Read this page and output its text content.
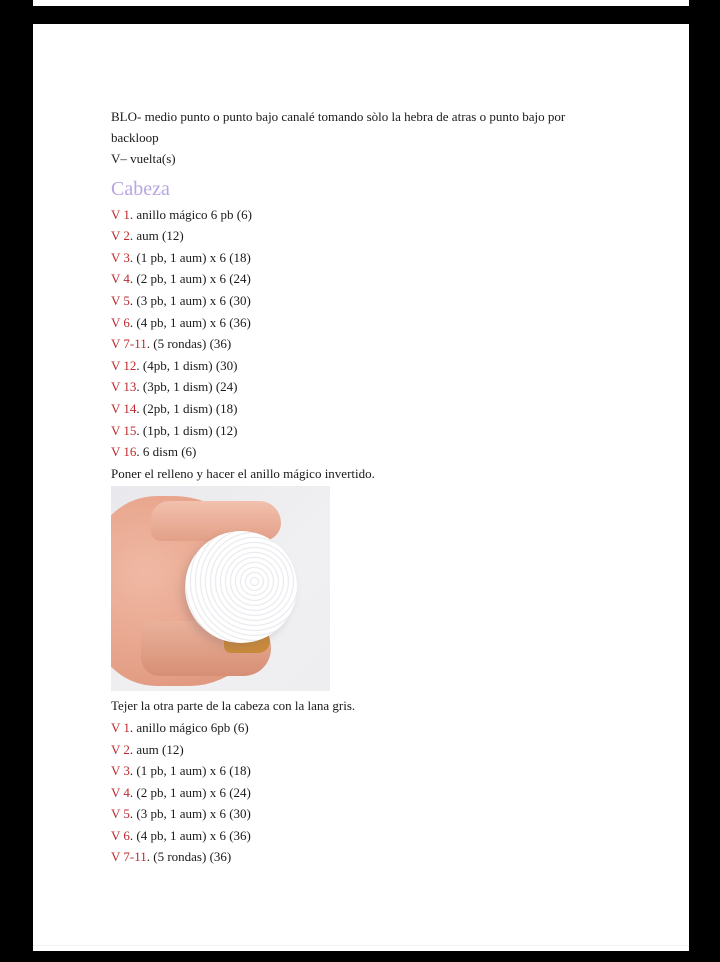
BLO- medio punto o punto bajo canalé tomando sòlo la hebra de atras o punto bajo por backloop
V– vuelta(s)
Cabeza
V 1. anillo mágico 6 pb (6)
V 2. aum (12)
V 3. (1 pb, 1 aum) x 6 (18)
V 4. (2 pb, 1 aum) x 6 (24)
V 5. (3 pb, 1 aum) x 6 (30)
V 6. (4 pb, 1 aum) x 6 (36)
V 7-11. (5 rondas) (36)
V 12. (4pb, 1 dism) (30)
V 13. (3pb, 1 dism) (24)
V 14. (2pb, 1 dism) (18)
V 15. (1pb, 1 dism) (12)
V 16. 6 dism (6)
Poner el relleno y hacer el anillo mágico invertido.
Tejer la otra parte de la cabeza con la lana gris.
V 1. anillo mágico 6pb (6)
V 2. aum (12)
V 3. (1 pb, 1 aum) x 6 (18)
V 4. (2 pb, 1 aum) x 6 (24)
V 5. (3 pb, 1 aum) x 6 (30)
V 6. (4 pb, 1 aum) x 6 (36)
V 7-11. (5 rondas) (36)
